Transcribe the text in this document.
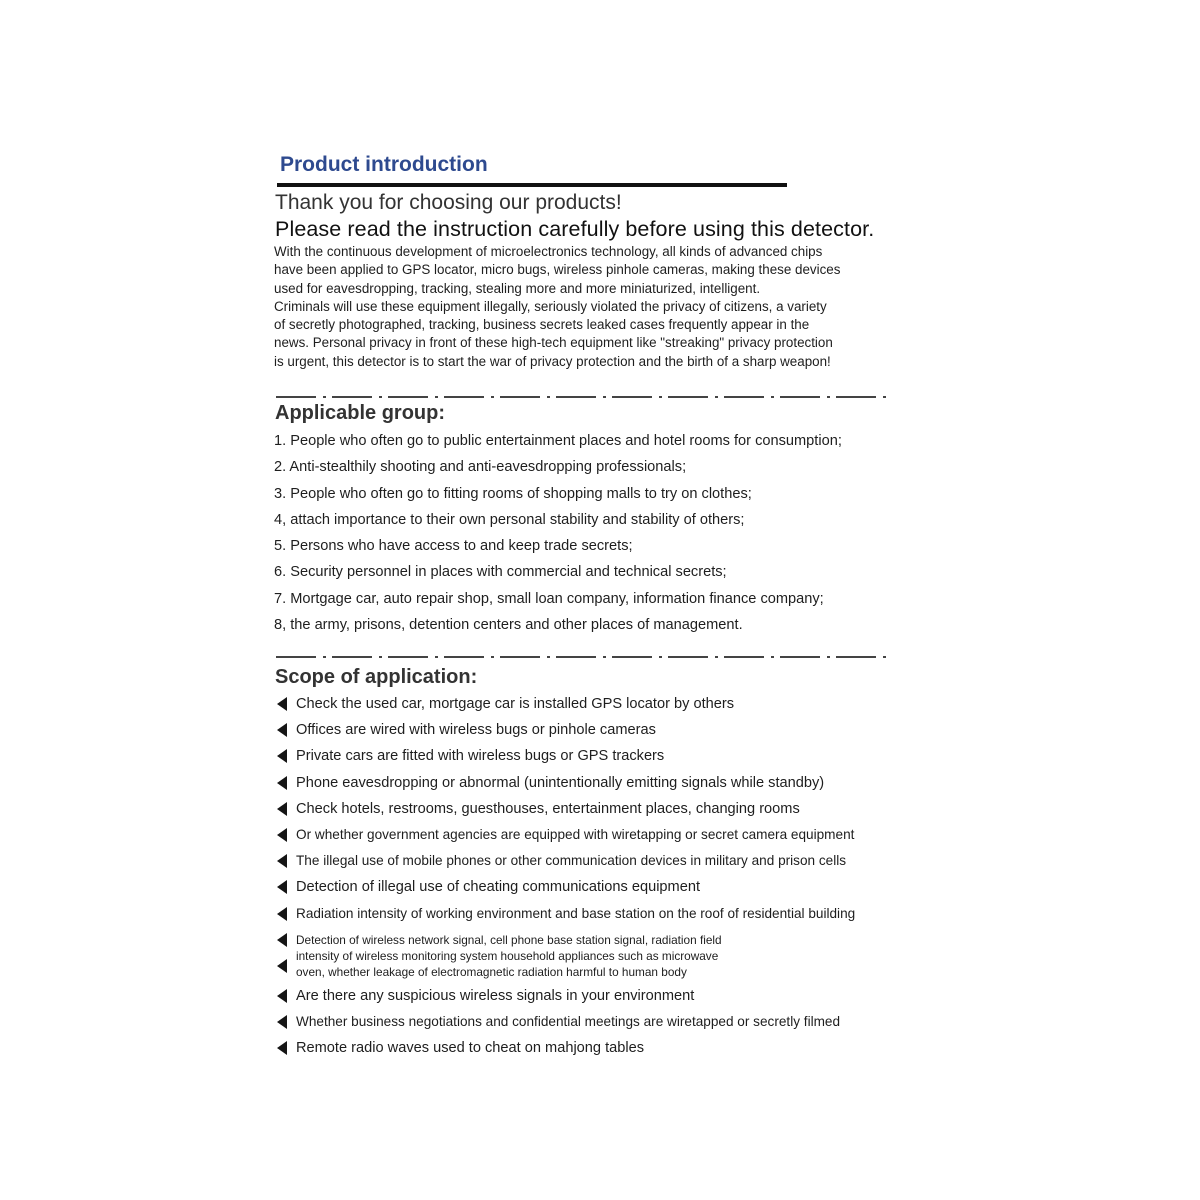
Product introduction

Thank you for choosing our products!

Please read the instruction carefully before using this detector.

With the continuous development of microelectronics technology, all kinds of advanced chips
have been applied to GPS locator, micro bugs, wireless pinhole cameras, making these devices
used for eavesdropping, tracking, stealing more and more miniaturized, intelligent.
Criminals will use these equipment illegally, seriously violated the privacy of citizens, a variety
of secretly photographed, tracking, business secrets leaked cases frequently appear in the
news. Personal privacy in front of these high-tech equipment like "streaking" privacy protection
is urgent, this detector is to start the war of privacy protection and the birth of a sharp weapon!
Applicable group:
1. People who often go to public entertainment places and hotel rooms for consumption;
2. Anti-stealthily shooting and anti-eavesdropping professionals;
3. People who often go to fitting rooms of shopping malls to try on clothes;
4, attach importance to their own personal stability and stability of others;
5. Persons who have access to and keep trade secrets;
6. Security personnel in places with commercial and technical secrets;
7. Mortgage car, auto repair shop, small loan company, information finance company;
8, the army, prisons, detention centers and other places of management.
Scope of application:
Check the used car, mortgage car is installed GPS locator by others
Offices are wired with wireless bugs or pinhole cameras
Private cars are fitted with wireless bugs or GPS trackers
Phone eavesdropping or abnormal (unintentionally emitting signals while standby)
Check hotels, restrooms, guesthouses, entertainment places, changing rooms
Or whether government agencies are equipped with wiretapping or secret camera equipment
The illegal use of mobile phones or other communication devices in military and prison cells
Detection of illegal use of cheating communications equipment
Radiation intensity of working environment and base station on the roof of residential building
Detection of wireless network signal, cell phone base station signal, radiation field
intensity of wireless monitoring system household appliances such as microwave
oven, whether leakage of electromagnetic radiation harmful to human body
Are there any suspicious wireless signals in your environment
Whether business negotiations and confidential meetings are wiretapped or secretly filmed
Remote radio waves used to cheat on mahjong tables
